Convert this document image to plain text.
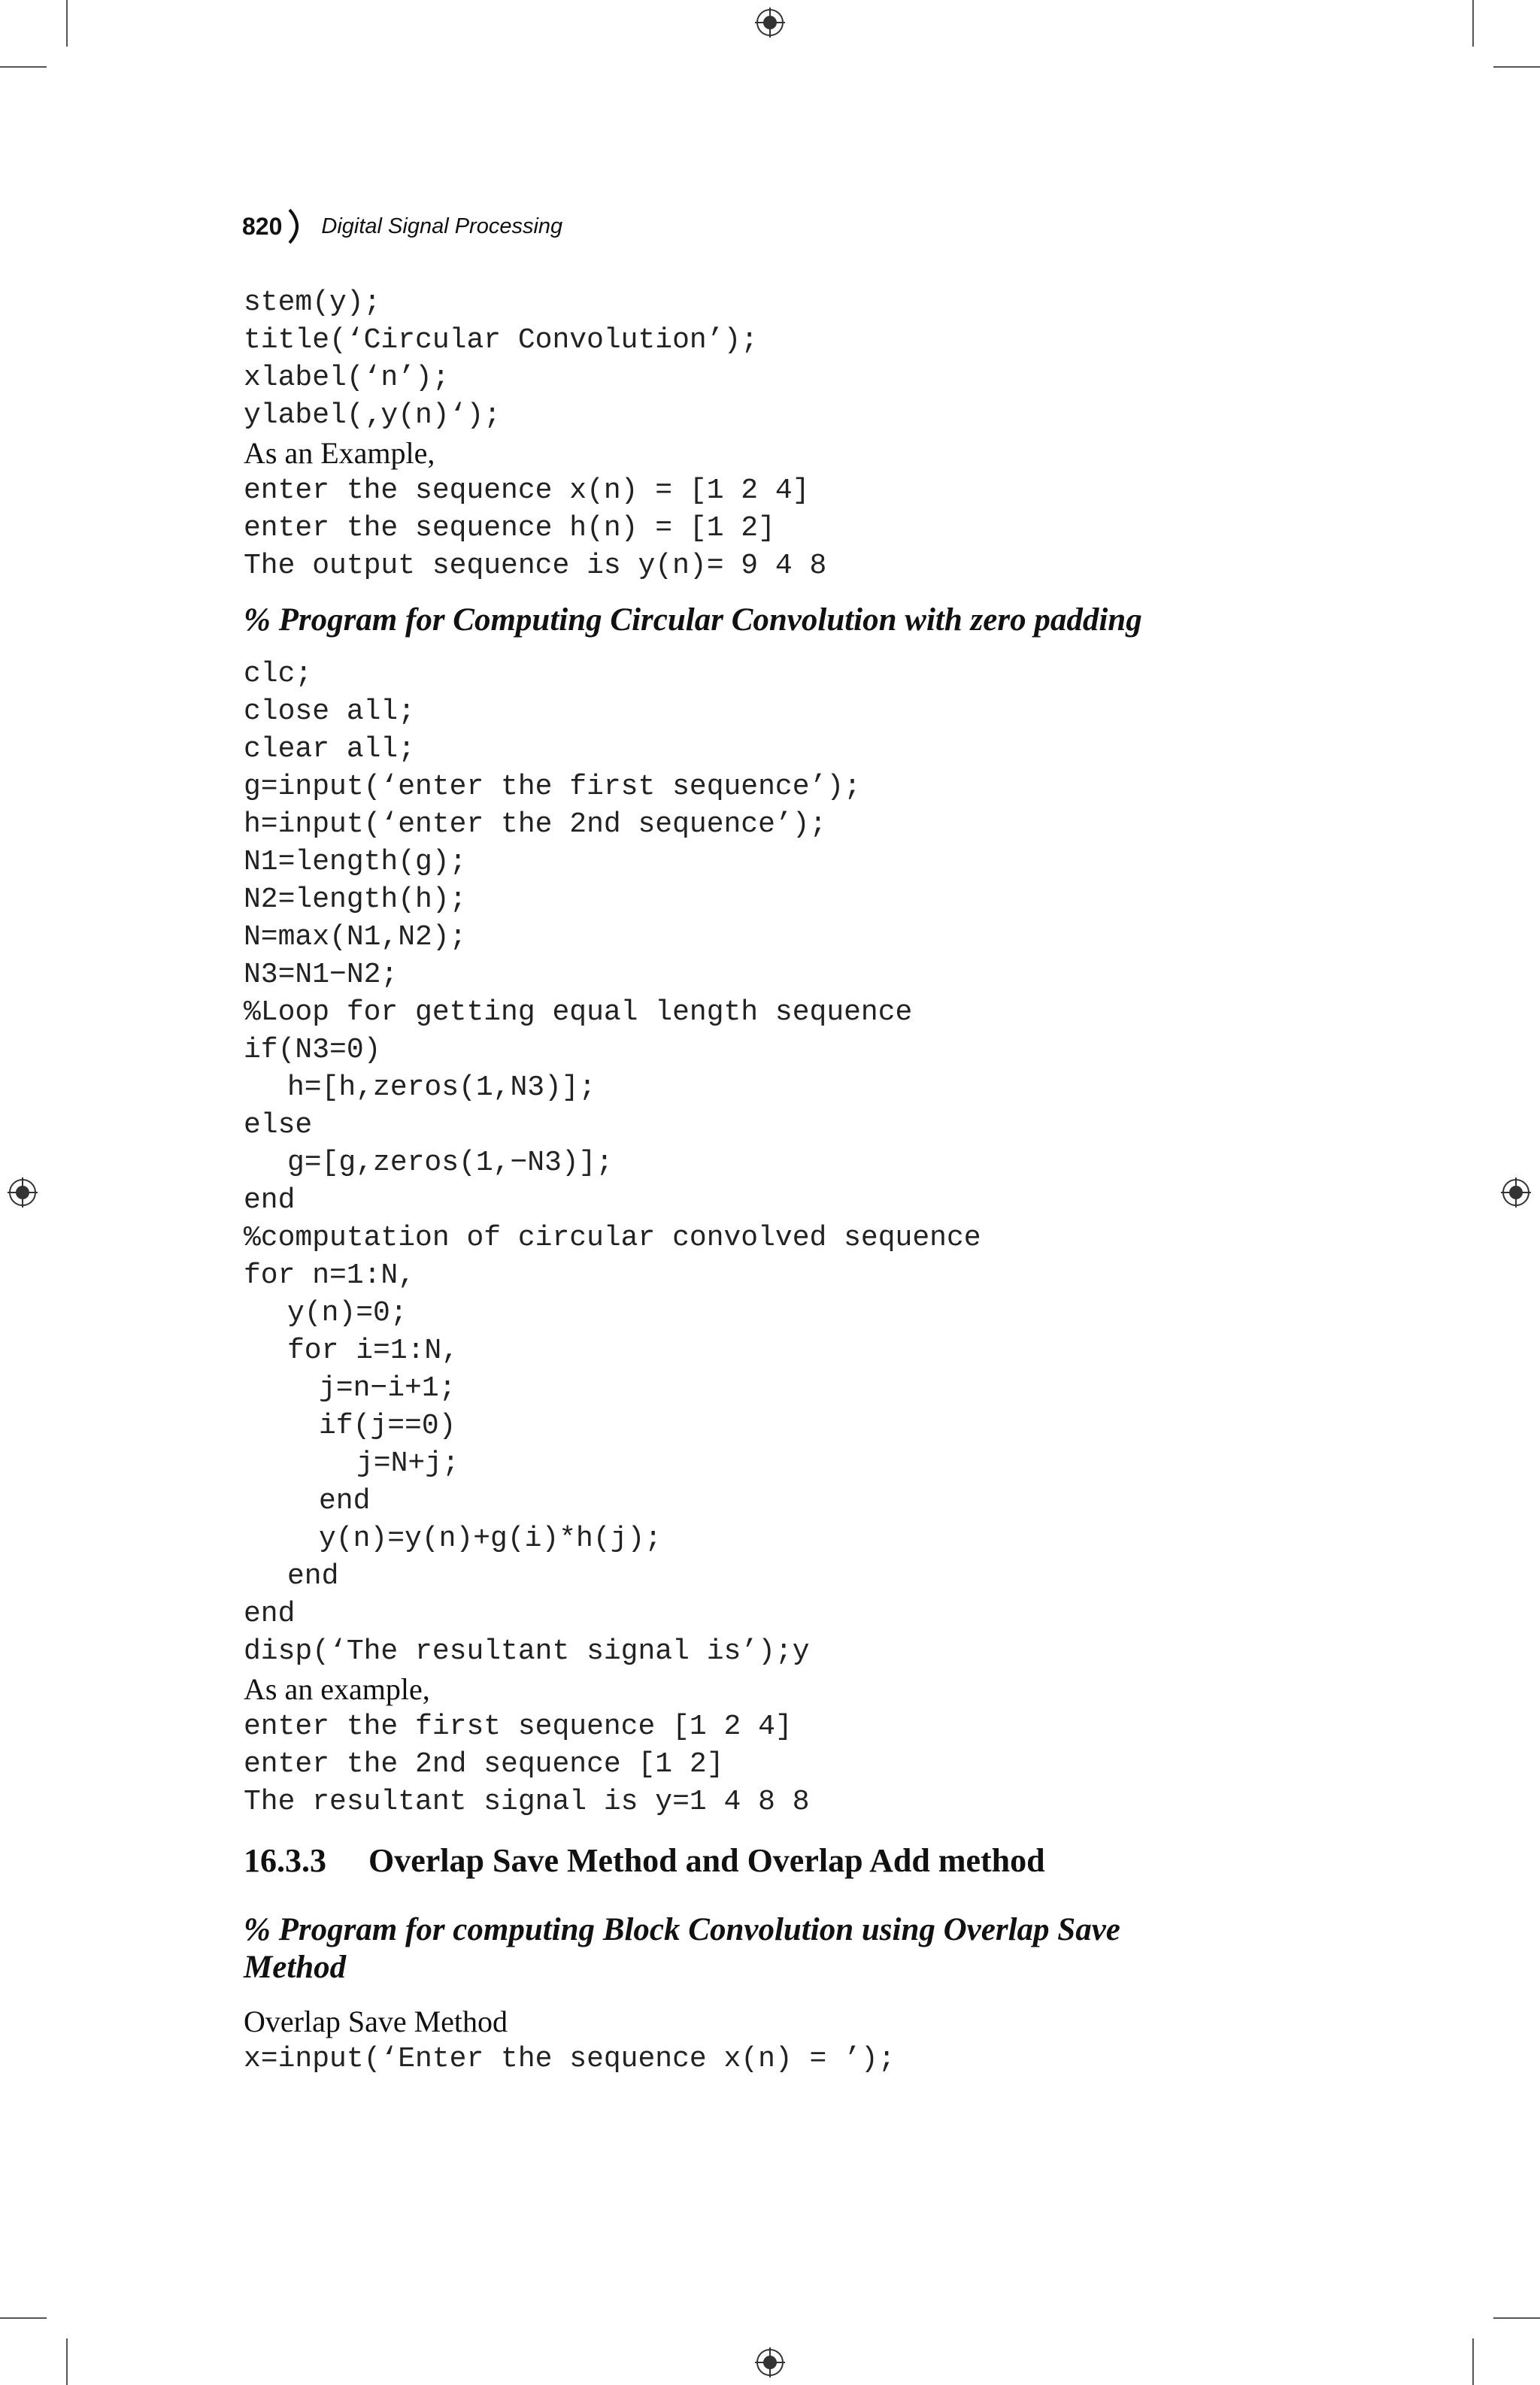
820 Digital Signal Processing
stem(y);
title(‘Circular Convolution’);
xlabel(‘n’);
ylabel(‚y(n)‘);
As an Example,
enter the sequence x(n) = [1 2 4]
enter the sequence h(n) = [1 2]
The output sequence is y(n)= 9 4 8
% Program for Computing Circular Convolution with zero padding
clc;
close all;
clear all;
g=input(‘enter the first sequence’);
h=input(‘enter the 2nd sequence’);
N1=length(g);
N2=length(h);
N=max(N1,N2);
N3=N1−N2;
%Loop for getting equal length sequence
if(N3=0)
h=[h,zeros(1,N3)];
else
g=[g,zeros(1,−N3)];
end
%computation of circular convolved sequence
for n=1:N,
y(n)=0;
for i=1:N,
j=n−i+1;
if(j==0)
j=N+j;
end
y(n)=y(n)+g(i)*h(j);
end
end
disp(‘The resultant signal is’);y
As an example,
enter the first sequence [1 2 4]
enter the 2nd sequence [1 2]
The resultant signal is y=1 4 8 8
16.3.3 Overlap Save Method and Overlap Add method
% Program for computing Block Convolution using Overlap Save
Method
Overlap Save Method
x=input(‘Enter the sequence x(n) = ’);
